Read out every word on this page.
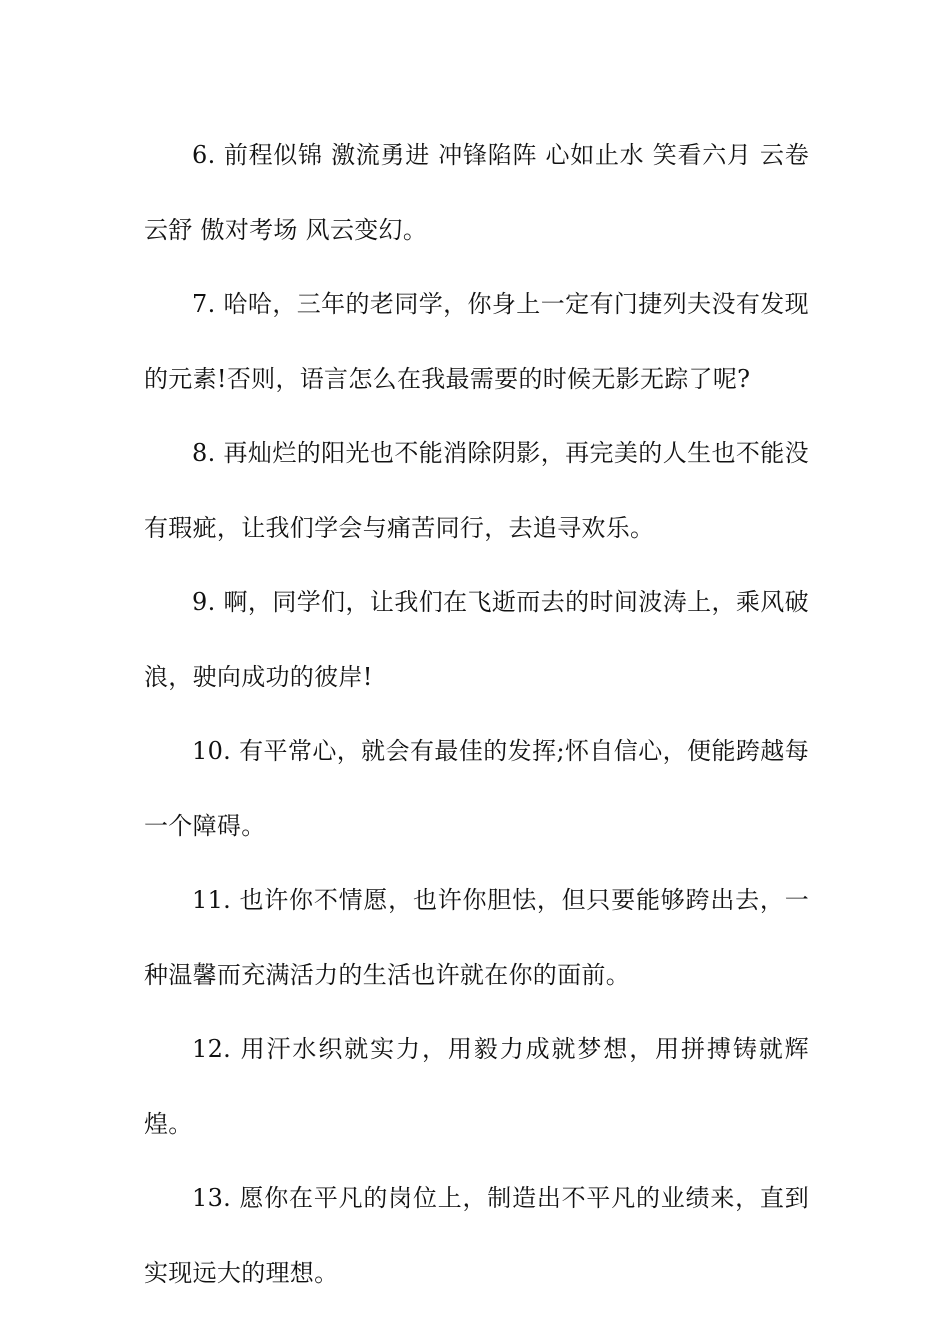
6. 前程似锦 激流勇进 冲锋陷阵 心如止水 笑看六月 云卷云舒 傲对考场 风云变幻。

7. 哈哈，三年的老同学，你身上一定有门捷列夫没有发现的元素!否则，语言怎么在我最需要的时候无影无踪了呢?

8. 再灿烂的阳光也不能消除阴影，再完美的人生也不能没有瑕疵，让我们学会与痛苦同行，去追寻欢乐。

9. 啊，同学们，让我们在飞逝而去的时间波涛上，乘风破浪，驶向成功的彼岸!

10. 有平常心，就会有最佳的发挥;怀自信心，便能跨越每一个障碍。

11. 也许你不情愿，也许你胆怯，但只要能够跨出去，一种温馨而充满活力的生活也许就在你的面前。

12. 用汗水织就实力，用毅力成就梦想，用拼搏铸就辉煌。

13. 愿你在平凡的岗位上，制造出不平凡的业绩来，直到实现远大的理想。
